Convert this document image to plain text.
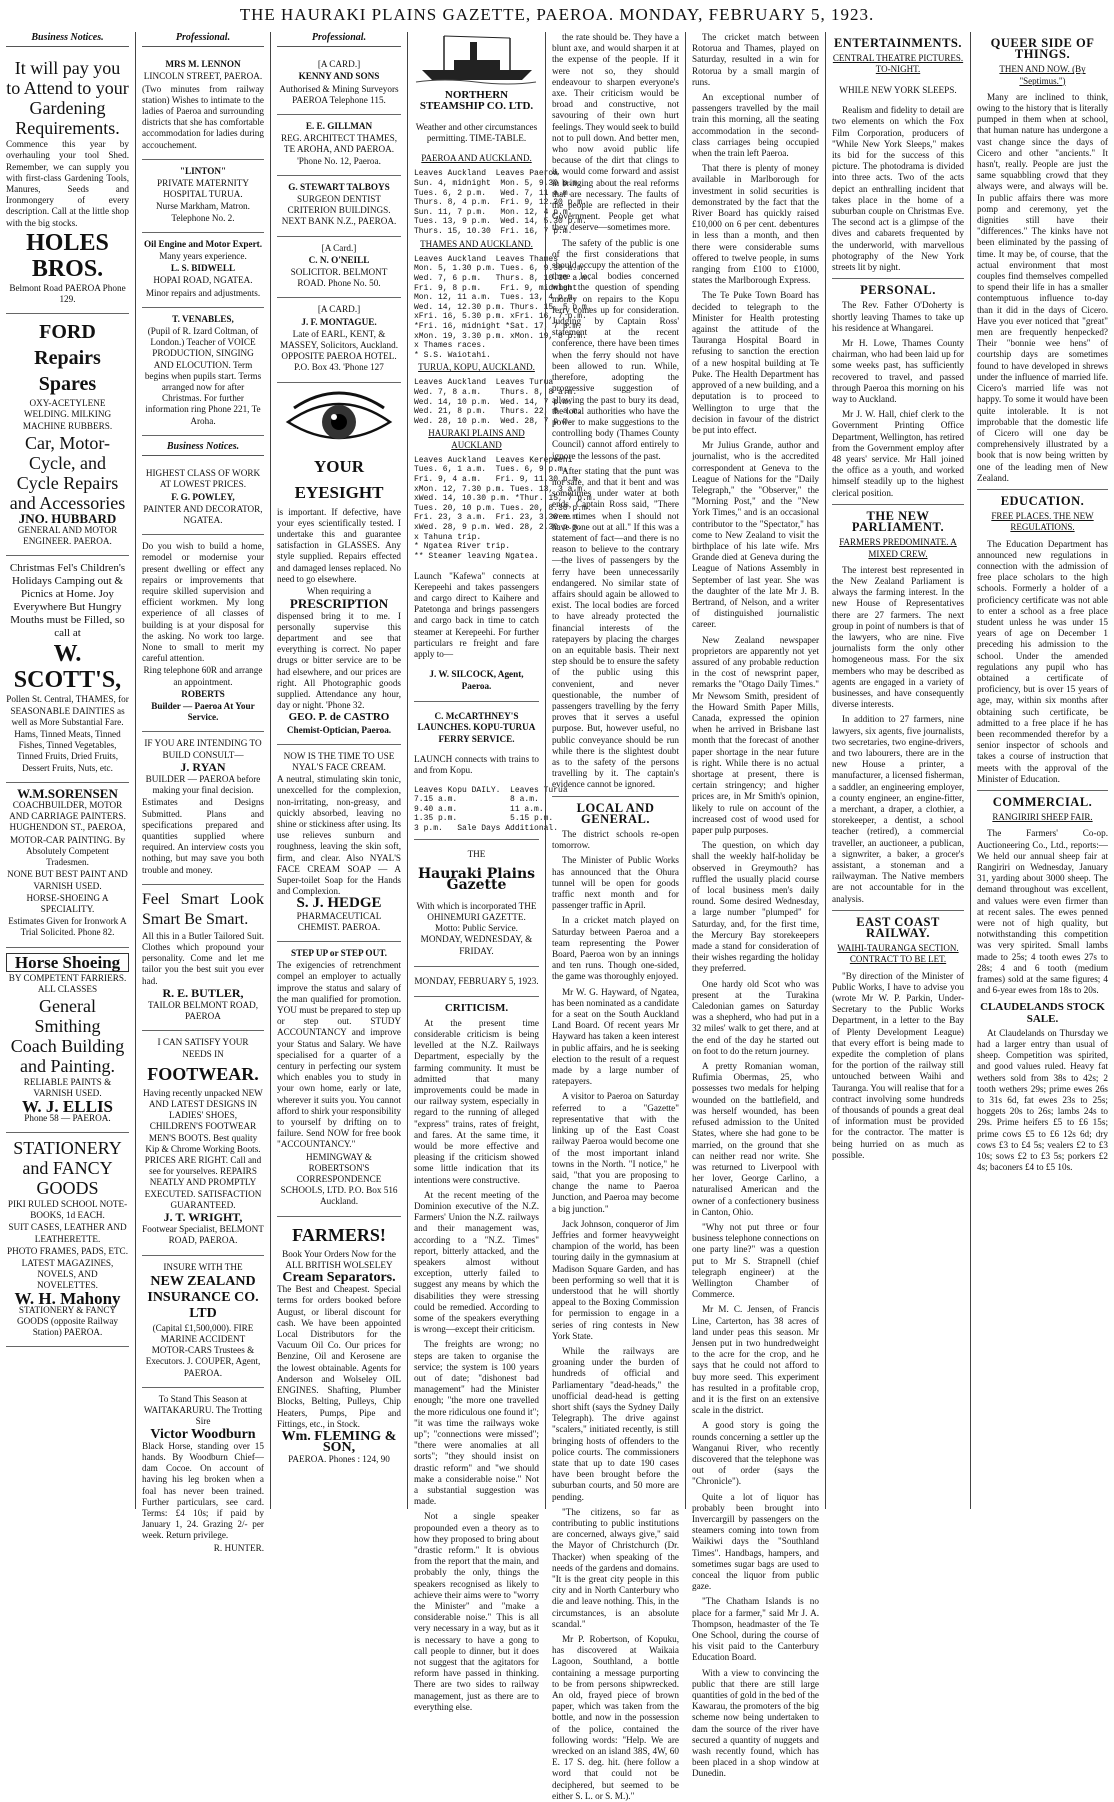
THE HAURAKI PLAINS GAZETTE, PAEROA. MONDAY, FEBRUARY 5, 1923.
Business Notices.
It will pay you to Attend to your Gardening Requirements.

Commence this year by overhauling your tool Shed. Remember, we can supply you with first-class Gardening Tools, Manures, Seeds and Ironmongery of every description. Call at the little shop with the big stocks.

HOLES BROS.

Belmont Road PAEROA Phone 129.

FORD Repairs Spares

OXY-ACETYLENE WELDING. MILKING MACHINE RUBBERS.

Car, Motor-Cycle, and Cycle Repairs and Accessories
JNO. HUBBARD

GENERAL AND MOTOR ENGINEER. PAEROA.

Christmas Fel's Children's Holidays Camping out & Picnics at Home. Joy Everywhere But Hungry Mouths must be Filled, so call at

W. SCOTT'S,

Pollen St. Central, THAMES, for SEASONABLE DAINTIES as well as More Substantial Fare.

Hams, Tinned Meats, Tinned Fishes, Tinned Vegetables, Tinned Fruits, Dried Fruits, Dessert Fruits, Nuts, etc.

W.M.SORENSEN

COACHBUILDER, MOTOR AND CARRIAGE PAINTERS. HUGHENDON ST., PAEROA,

MOTOR-CAR PAINTING. By Absolutely Competent Tradesmen.

NONE BUT BEST PAINT AND VARNISH USED.

HORSE-SHOEING A SPECIALITY.

Estimates Given for Ironwork A Trial Solicited. Phone 82.

Horse Shoeing

BY COMPETENT FARRIERS. ALL CLASSES

General Smithing
Coach Building and Painting.

RELIABLE PAINTS & VARNISH USED.

W. J. ELLIS

Phone 58 — PAEROA.

STATIONERY and FANCY GOODS

PIKI RULED SCHOOL NOTE-BOOKS, 1d EACH.

SUIT CASES, LEATHER AND LEATHERETTE.

PHOTO FRAMES, PADS, ETC.

LATEST MAGAZINES, NOVELS, AND NOVELETTES.

W. H. Mahony

STATIONERY & FANCY GOODS (opposite Railway Station) PAEROA.

Professional.

MRS M. LENNON

LINCOLN STREET, PAEROA.

(Two minutes from railway station) Wishes to intimate to the ladies of Paeroa and surrounding districts that she has comfortable accommodation for ladies during accouchement.

"LINTON"

PRIVATE MATERNITY HOSPITAL TURUA.

Nurse Markham, Matron. Telephone No. 2.

Oil Engine and Motor Expert.

Many years experience.

L. S. BIDWELL

HOPAI ROAD, NGATEA.

Minor repairs and adjustments.

T. VENABLES,

(Pupil of R. Izard Coltman, of London.) Teacher of VOICE PRODUCTION, SINGING AND ELOCUTION. Term begins when pupils start. Terms arranged now for after Christmas. For further information ring Phone 221, Te Aroha.

Business Notices.

HIGHEST CLASS OF WORK AT LOWEST PRICES.

F. G. POWLEY,

PAINTER AND DECORATOR, NGATEA.

Do you wish to build a home, remodel or modernise your present dwelling or effect any repairs or improvements that require skilled supervision and efficient workmen. My long experience of all classes of building is at your disposal for the asking. No work too large. None to small to merit my careful attention.

Ring telephone 60R and arrange an appointment.

ROBERTS

Builder — Paeroa At Your Service.

IF YOU ARE INTENDING TO BUILD CONSULT—

J. RYAN

BUILDER — PAEROA before making your final decision.

Estimates and Designs Submitted. Plans and specifications prepared and quantities supplied where required. An interview costs you nothing, but may save you both trouble and money.

Feel Smart Look Smart Be Smart.

All this in a Butler Tailored Suit. Clothes which propound your personality. Come and let me tailor you the best suit you ever had.

R. E. BUTLER,

TAILOR BELMONT ROAD, PAEROA

I CAN SATISFY YOUR NEEDS IN

FOOTWEAR.

Having recently unpacked NEW AND LATEST DESIGNS IN LADIES' SHOES, CHILDREN'S FOOTWEAR MEN'S BOOTS. Best quality Kip & Chrome Working Boots. PRICES ARE RIGHT. Call and see for yourselves. REPAIRS NEATLY AND PROMPTLY EXECUTED. SATISFACTION GUARANTEED.

J. T. WRIGHT,

Footwear Specialist, BELMONT ROAD, PAEROA.

INSURE WITH THE

NEW ZEALAND INSURANCE CO. LTD

(Capital £1,500,000). FIRE MARINE ACCIDENT MOTOR-CARS Trustees & Executors. J. COUPER, Agent, PAEROA.

To Stand This Season at WAITAKARURU. The Trotting Sire

Victor Woodburn

Black Horse, standing over 15 hands. By Woodburn Chief—dam Cocoe. On account of having his leg broken when a foal has never been trained. Further particulars, see card. Terms: £4 10s; if paid by January 1, 24. Grazing 2/- per week. Return privilege.

R. HUNTER.

Professional.

[A CARD.]

KENNY AND SONS

Authorised & Mining Surveyors PAEROA Telephone 115.

E. E. GILLMAN

REG. ARCHITECT THAMES, TE AROHA, AND PAEROA. 'Phone No. 12, Paeroa.

G. STEWART TALBOYS

SURGEON DENTIST CRITERION BUILDINGS. NEXT BANK N.Z., PAEROA.

[A Card.]

C. N. O'NEILL

SOLICITOR. BELMONT ROAD. Phone No. 50.

[A CARD.]

J. F. MONTAGUE.

Late of EARL, KENT, & MASSEY, Solicitors, Auckland. OPPOSITE PAEROA HOTEL. P.O. Box 43. 'Phone 127

YOUR EYESIGHT

is important. If defective, have your eyes scientifically tested. I undertake this and guarantee satisfaction in GLASSES. Any style supplied. Repairs effected and damaged lenses replaced. No need to go elsewhere.

When requiring a

PRESCRIPTION

dispensed bring it to me. I personally supervise this department and see that everything is correct. No paper drugs or bitter service are to be had elsewhere, and our prices are right. All Photographic goods supplied. Attendance any hour, day or night. 'Phone 32.

GEO. P. de CASTRO

Chemist-Optician, Paeroa.

NOW IS THE TIME TO USE NYAL'S FACE CREAM.

A neutral, stimulating skin tonic, unexcelled for the complexion, non-irritating, non-greasy, and quickly absorbed, leaving no shine or stickiness after using. Its use relieves sunburn and roughness, leaving the skin soft, firm, and clear. Also NYAL'S FACE CREAM SOAP — A Super-toilet Soap for the Hands and Complexion.

S. J. HEDGE

PHARMACEUTICAL CHEMIST. PAEROA.

STEP UP or STEP OUT.

The exigencies of retrenchment compel an employer to actually improve the status and salary of the man qualified for promotion. YOU must be prepared to step up or step out. STUDY ACCOUNTANCY and improve your Status and Salary. We have specialised for a quarter of a century in perfecting our system which enables you to study in your own home, early or late, wherever it suits you. You cannot afford to shirk your responsibility to yourself by drifting on to failure. Send NOW for free book "ACCOUNTANCY."

HEMINGWAY & ROBERTSON'S CORRESPONDENCE SCHOOLS, LTD. P.O. Box 516 Auckland.

FARMERS!

Book Your Orders Now for the ALL BRITISH WOLSELEY

Cream Separators.

The Best and Cheapest. Special terms for orders booked before August, or liberal discount for cash. We have been appointed Local Distributors for the Vacuum Oil Co. Our prices for Benzine, Oil and Kerosene are the lowest obtainable. Agents for Anderson and Wolseley OIL ENGINES. Shafting, Plumber Blocks, Belting, Pulleys, Chip Heaters, Pumps, Pipe and Fittings, etc., in Stock.

Wm. FLEMING & SON,

PAEROA. Phones : 124, 90

NORTHERN STEAMSHIP CO. LTD.

Weather and other circumstances permitting. TIME-TABLE.

PAEROA AND AUCKLAND.
Leaves Auckland  Leaves Paeroa
Sun. 4, midnight  Mon. 5, 9.30 p.m.
Tues. 6, 2 p.m.   Wed. 7, 11 a.m.
Thurs. 8, 4 p.m.  Fri. 9, 12.30 p.m.
Sun. 11, 7 p.m.   Mon. 12, 4 p.m.
Tues. 13, 9 p.m.  Wed. 14, 5.30 p.m.
Thurs. 15, 10.30  Fri. 16, 7 p.m.
THAMES AND AUCKLAND.
Leaves Auckland  Leaves Thames
Mon. 5, 1.30 p.m. Tues. 6, 9.30 a.m.
Wed. 7, 6 p.m.   Thurs. 8, 10.30 a.m.
Fri. 9, 8 p.m.    Fri. 9, midnight
Mon. 12, 11 a.m.  Tues. 13, 4 p.m.
Wed. 14, 12.30 p.m. Thurs. 15, 5 p.m.
xFri. 16, 5.30 p.m. xFri. 16, 7 p.m.
*Fri. 16, midnight *Sat. 17, 7 p.m.
xMon. 19, 3.30 p.m. xMon. 19, 8 p.m.
x Thames races.
* S.S. Waiotahi.
TURUA, KOPU, AUCKLAND.
Leaves Auckland  Leaves Turua
Wed. 7, 8 a.m.    Thurs. 8, 8 a.m.
Wed. 14, 10 p.m.  Wed. 14, 7 p.m.
Wed. 21, 8 p.m.   Thurs. 22, 8 a.m.
Wed. 28, 10 p.m.  Wed. 28, 7 p.m.
HAURAKI PLAINS AND AUCKLAND
Leaves Auckland  Leaves Kerepeehi
Tues. 6, 1 a.m.  Tues. 6, 9 p.m.
Fri. 9, 4 a.m.   Fri. 9, 11.30 p.m.
xMon. 12, 7.30 p.m. Tues. 13, 3 a.m.
xWed. 14, 10.30 p.m. *Thur. 15, 7 p.m.
Tues. 20, 10 p.m. Tues. 20, 8.30 p.m.
Fri. 23, 3 a.m.  Fri. 23, 3.30 a.m.
xWed. 28, 9 p.m. Wed. 28, 2.30 p.m.
x Tahuna trip.
* Ngatea River trip.
** Steamer leaving Ngatea.

Launch "Kafewa" connects at Kerepeehi and takes passengers and cargo direct to Kaihere and Patetonga and brings passengers and cargo back in time to catch steamer at Kerepeehi. For further particulars re freight and fare apply to—

J. W. SILCOCK, Agent, Paeroa.

C. McCARTHNEY'S LAUNCHES. KOPU-TURUA FERRY SERVICE.

LAUNCH connects with trains to and from Kopu.

Leaves Kopu DAILY.  Leaves Turua
7.15 a.m.           8 a.m.
9.40 a.m.           11 a.m.
1.35 p.m.           5.15 p.m.
3 p.m.   Sale Days Additional.

THE

Hauraki Plains Gazette

With which is incorporated THE OHINEMURI GAZETTE. Motto: Public Service. MONDAY, WEDNESDAY, & FRIDAY.

MONDAY, FEBRUARY 5, 1923.

CRITICISM.

At the present time considerable criticism is being levelled at the N.Z. Railways Department, especially by the farming community. It must be admitted that many improvements could be made in our railway system, especially in regard to the running of alleged "express" trains, rates of freight, and fares. At the same time, it would be more effective and pleasing if the criticism showed some little indication that its intentions were constructive.

At the recent meeting of the Dominion executive of the N.Z. Farmers' Union the N.Z. railways and their management was, according to a "N.Z. Times" report, bitterly attacked, and the speakers almost without exception, utterly failed to suggest any means by which the disabilities they were stressing could be remedied. According to some of the speakers everything is wrong—except their criticism.

The freights are wrong; no steps are taken to organise the service; the system is 100 years out of date; "dishonest bad management" had the Minister enough; "the more one travelled the more ridiculous one found it"; "it was time the railways woke up"; "connections were missed"; "there were anomalies at all sorts"; "they should insist on drastic reform" and "we should make a considerable noise." Not a substantial suggestion was made.

Not a single speaker propounded even a theory as to how they proposed to bring about "drastic reform." It is obvious from the report that the main, and probably the only, things the speakers recognised as likely to achieve their aims were to "worry the Minister" and "make a considerable noise." This is all very necessary in a way, but as it is necessary to have a gong to call people to dinner, but it does not suggest that the agitators for reform have passed in thinking. There are two sides to railway management, just as there are to everything else.

the rate should be. They have a blunt axe, and would sharpen it at the expense of the people. If it were not so, they should endeavour to sharpen everyone's axe. Their criticism would be broad and constructive, not savouring of their own hurt feelings. They would seek to build not to pull down. And better men, who now avoid public life because of the dirt that clings to it, would come forward and assist in bringing about the real reforms that are necessary. The faults of the people are reflected in their Government. People get what they deserve—sometimes more.

The safety of the public is one of the first considerations that should occupy the attention of the three local bodies concerned when the question of spending money on repairs to the Kopu ferry comes up for consideration. Judging by Captain Ross' statement at the recent conference, there have been times when the ferry should not have been allowed to run. While, therefore, adopting the progressive suggestion of allowing the past to bury its dead, the local authorities who have the power to make suggestions to the controlling body (Thames County Council) cannot afford entirely to ignore the lessons of the past.

After stating that the punt was not safe, and that it bent and was sometimes under water at both ends, Captain Ross said, "There were times when I should not have gone out at all." If this was a statement of fact—and there is no reason to believe to the contrary—the lives of passengers by the ferry have been unnecessarily endangered. No similar state of affairs should again be allowed to exist. The local bodies are forced to have already protected the financial interests of the ratepayers by placing the charges on an equitable basis. Their next step should be to ensure the safety of the public using this convenient, and never questionable, the number of passengers travelling by the ferry proves that it serves a useful purpose. But, however useful, no public conveyance should be run while there is the slightest doubt as to the safety of the persons travelling by it. The captain's evidence cannot be ignored.

LOCAL AND GENERAL.

The district schools re-open tomorrow.

The Minister of Public Works has announced that the Ohura tunnel will be open for goods traffic next month and for passenger traffic in April.

In a cricket match played on Saturday between Paeroa and a team representing the Power Board, Paeroa won by an innings and ten runs. Though one-sided, the game was thoroughly enjoyed.

Mr W. G. Hayward, of Ngatea, has been nominated as a candidate for a seat on the South Auckland Land Board. Of recent years Mr Hayward has taken a keen interest in public affairs, and he is seeking election to the result of a request made by a large number of ratepayers.

A visitor to Paeroa on Saturday referred to a "Gazette" representative that with the linking up of the East Coast railway Paeroa would become one of the most important inland towns in the North. "I notice," he said, "that you are proposing to change the name to Paeroa Junction, and Paeroa may become a big junction."

Jack Johnson, conqueror of Jim Jeffries and former heavyweight champion of the world, has been touring daily in the gymnasium at Madison Square Garden, and has been performing so well that it is understood that he will shortly appeal to the Boxing Commission for permission to engage in a series of ring contests in New York State.

While the railways are groaning under the burden of hundreds of official and Parliamentary "dead-heads," the unofficial dead-head is getting short shift (says the Sydney Daily Telegraph). The drive against "scalers," initiated recently, is still bringing hosts of offenders to the police courts. The commissioners state that up to date 190 cases have been brought before the suburban courts, and 50 more are pending.

"The citizens, so far as contributing to public institutions are concerned, always give," said the Mayor of Christchurch (Dr. Thacker) when speaking of the needs of the gardens and domains. "It is the great city people in this city and in North Canterbury who die and leave nothing. This, in the circumstances, is an absolute scandal."

Mr P. Robertson, of Kopuku, has discovered at Waikaia Lagoon, Southland, a bottle containing a message purporting to be from persons shipwrecked. An old, frayed piece of brown paper, which was taken from the bottle, and now in the possession of the police, contained the following words: "Help. We are wrecked on an island 38S, 4W, 60 E. 17 S. deg. hit. (here follow a word that could not be deciphered, but seemed to be either S. L. or S. M.)."

The cricket match between Rotorua and Thames, played on Saturday, resulted in a win for Rotorua by a small margin of runs.

An exceptional number of passengers travelled by the mail train this morning, all the seating accommodation in the second-class carriages being occupied when the train left Paeroa.

That there is plenty of money available in Marlborough for investment in solid securities is demonstrated by the fact that the River Board has quickly raised £10,000 on 6 per cent. debentures in less than a month, and then there were considerable sums offered to twelve people, in sums ranging from £100 to £1000, states the Marlborough Express.

The Te Puke Town Board has decided to telegraph to the Minister for Health protesting against the attitude of the Tauranga Hospital Board in refusing to sanction the erection of a new hospital building at Te Puke. The Health Department has approved of a new building, and a deputation is to proceed to Wellington to urge that the decision in favour of the district be put into effect.

Mr Julius Grande, author and journalist, who is the accredited correspondent at Geneva to the League of Nations for the "Daily Telegraph," the "Observer," the "Morning Post," and the "New York Times," and is an occasional contributor to the "Spectator," has come to New Zealand to visit the birthplace of his late wife. Mrs Grande died at Geneva during the League of Nations Assembly in September of last year. She was the daughter of the late Mr J. B. Bertrand, of Nelson, and a writer of distinguished journalistic career.

New Zealand newspaper proprietors are apparently not yet assured of any probable reduction in the cost of newsprint paper, remarks the "Otago Daily Times." Mr Newsom Smith, president of the Howard Smith Paper Mills, Canada, expressed the opinion when he arrived in Brisbane last month that the forecast of another paper shortage in the near future is right. While there is no actual shortage at present, there is certain stringency; and higher prices are, in Mr Smith's opinion, likely to rule on account of the increased cost of wood used for paper pulp purposes.

The question, on which day shall the weekly half-holiday be observed in Greymouth? has ruffled the usually placid course of local business men's daily round. Some desired Wednesday, a large number "plumped" for Saturday, and, for the first time, the Mercury Bay storekeepers made a stand for consideration of their wishes regarding the holiday they preferred.

One hardy old Scot who was present at the Turakina Caledonian games on Saturday was a shepherd, who had put in a 32 miles' walk to get there, and at the end of the day he started out on foot to do the return journey.

A pretty Romanian woman, Rufimia Obermas, 25, who possesses two medals for helping wounded on the battlefield, and was herself wounded, has been refused admission to the United States, where she had gone to be married, on the ground that she can neither read nor write. She was returned to Liverpool with her lover, George Carlino, a naturalised American and the owner of a confectionery business in Canton, Ohio.

"Why not put three or four business telephone connections on one party line?" was a question put to Mr S. Strapnell (chief telegraph engineer) at the Wellington Chamber of Commerce.

Mr M. C. Jensen, of Francis Line, Carterton, has 38 acres of land under peas this season. Mr Jensen put in two hundredweight to the acre for the crop, and he says that he could not afford to buy more seed. This experiment has resulted in a profitable crop, and it is the first on an extensive scale in the district.

A good story is going the rounds concerning a settler up the Wanganui River, who recently discovered that the telephone was out of order (says the "Chronicle").

Quite a lot of liquor has probably been brought into Invercargill by passengers on the steamers coming into town from Waikiwi days the "Southland Times". Handbags, hampers, and sometimes sugar bags are used to conceal the liquor from public gaze.

"The Chatham Islands is no place for a farmer," said Mr J. A. Thompson, headmaster of the Te One School, during the course of his visit paid to the Canterbury Education Board.

With a view to convincing the public that there are still large quantities of gold in the bed of the Kawarau, the promoters of the big scheme now being undertaken to dam the source of the river have secured a quantity of nuggets and wash recently found, which has been placed in a shop window at Dunedin.

ENTERTAINMENTS.
CENTRAL THEATRE PICTURES. TO-NIGHT.

WHILE NEW YORK SLEEPS.

Realism and fidelity to detail are two elements on which the Fox Film Corporation, producers of "While New York Sleeps," makes its bid for the success of this picture. The photodrama is divided into three acts. Two of the acts depict an enthralling incident that takes place in the home of a suburban couple on Christmas Eve. The second act is a glimpse of the dives and cabarets frequented by the underworld, with marvellous photography of the New York streets lit by night.

PERSONAL.

The Rev. Father O'Doherty is shortly leaving Thames to take up his residence at Whangarei.

Mr H. Lowe, Thames County chairman, who had been laid up for some weeks past, has sufficiently recovered to travel, and passed through Paeroa this morning on his way to Auckland.

Mr J. W. Hall, chief clerk to the Government Printing Office Department, Wellington, has retired from the Government employ after 48 years' service. Mr Hall joined the office as a youth, and worked himself steadily up to the highest clerical position.

THE NEW PARLIAMENT.
FARMERS PREDOMINATE. A MIXED CREW.

The interest best represented in the New Zealand Parliament is always the farming interest. In the new House of Representatives there are 27 farmers. The next group in point of numbers is that of the lawyers, who are nine. Five journalists form the only other homogeneous mass. For the six members who may be described as agents are engaged in a variety of businesses, and have consequently diverse interests.

In addition to 27 farmers, nine lawyers, six agents, five journalists, two secretaries, two engine-drivers, and two labourers, there are in the new House a printer, a manufacturer, a licensed fisherman, a saddler, an engineering employer, a county engineer, an engine-fitter, a merchant, a draper, a clothier, a storekeeper, a dentist, a school teacher (retired), a commercial traveller, an auctioneer, a publican, a signwriter, a baker, a grocer's assistant, a stoneman and a railwayman. The Native members are not accountable for in the analysis.

EAST COAST RAILWAY.
WAIHI-TAURANGA SECTION. CONTRACT TO BE LET.

"By direction of the Minister of Public Works, I have to advise you (wrote Mr W. P. Parkin, Under-Secretary to the Public Works Department, in a letter to the Bay of Plenty Development League) that every effort is being made to expedite the completion of plans for the portion of the railway still untouched between Waihi and Tauranga. You will realise that for a contract involving some hundreds of thousands of pounds a great deal of information must be provided for the contractor. The matter is being hurried on as much as possible.

QUEER SIDE OF THINGS.
THEN AND NOW. (By "Septimus.")

Many are inclined to think, owing to the history that is literally pumped in them when at school, that human nature has undergone a vast change since the days of Cicero and other "ancients." It hasn't, really. People are just the same squabbling crowd that they always were, and always will be. In public affairs there was more pomp and ceremony, yet the dignities still have their "differences." The kinks have not been eliminated by the passing of time. It may be, of course, that the actual environment that most couples find themselves compelled to spend their life in has a smaller contemptuous influence to-day than it did in the days of Cicero. Have you ever noticed that "great" men are frequently henpecked? Their "bonnie wee hens" of courtship days are sometimes found to have developed in shrews under the influence of married life. Cicero's married life was not happy. To some it would have been quite intolerable. It is not improbable that the domestic life of Cicero will one day be comprehensively illustrated by a book that is now being written by one of the leading men of New Zealand.

EDUCATION.
FREE PLACES. THE NEW REGULATIONS.

The Education Department has announced new regulations in connection with the admission of free place scholars to the high schools. Formerly a holder of a proficiency certificate was not able to enter a school as a free place student unless he was under 15 years of age on December 1 preceding his admission to the school. Under the amended regulations any pupil who has obtained a certificate of proficiency, but is over 15 years of age, may, within six months after obtaining such certificate, be admitted to a free place if he has been recommended therefor by a senior inspector of schools and takes a course of instruction that meets with the approval of the Minister of Education.

COMMERCIAL.
RANGIRIRI SHEEP FAIR.

The Farmers' Co-op. Auctioneering Co., Ltd., reports:— We held our annual sheep fair at Rangiriri on Wednesday, January 31, yarding about 3000 sheep. The demand throughout was excellent, and values were even firmer than at recent sales. The ewes penned were not of high quality, but notwithstanding this competition was very spirited. Small lambs made to 25s; 4 tooth ewes 27s to 28s; 4 and 6 tooth (medium frames) sold at the same figures; 4 and 6-year ewes from 18s to 20s.

CLAUDELANDS STOCK SALE.

At Claudelands on Thursday we had a larger entry than usual of sheep. Competition was spirited, and good values ruled. Heavy fat wethers sold from 38s to 42s; 2 tooth wethers 29s; prime ewes 26s to 31s 6d, fat ewes 23s to 25s; hoggets 20s to 26s; lambs 24s to 29s. Prime heifers £5 to £6 15s; prime cows £5 to £6 12s 6d; dry cows £3 to £4 5s; vealers £2 to £3 10s; sows £2 to £3 5s; porkers £2 4s; baconers £4 to £5 10s.
